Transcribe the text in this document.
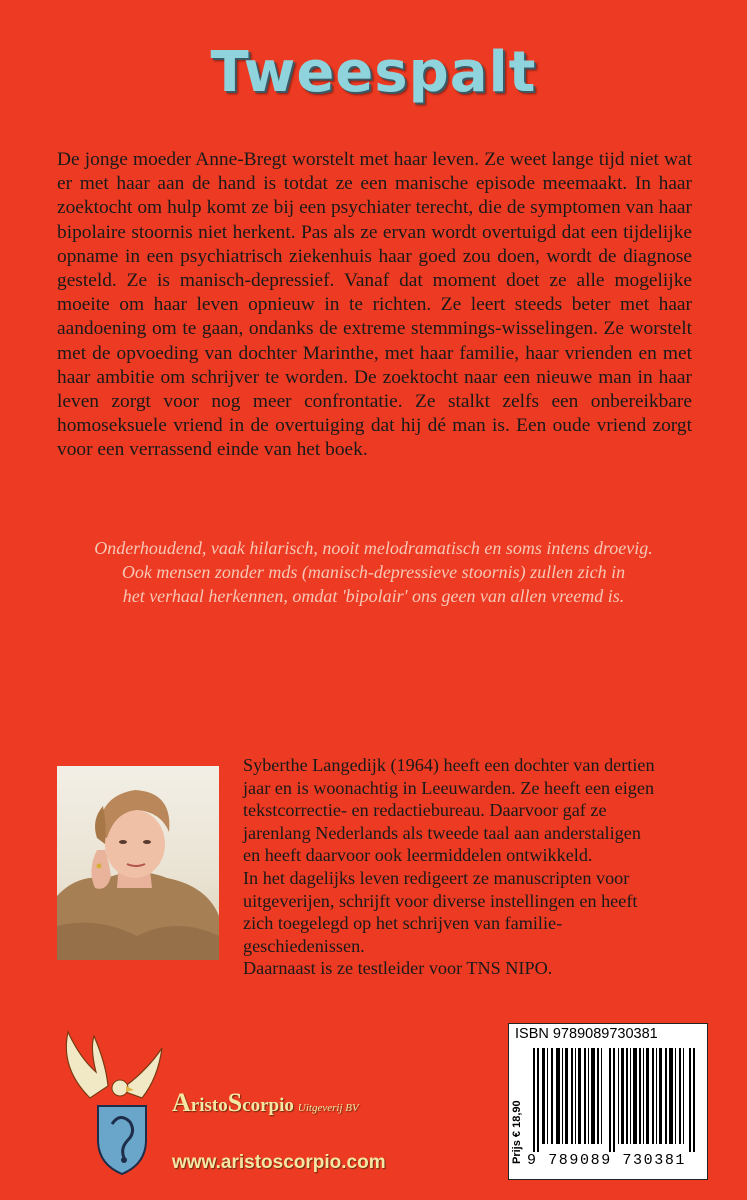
Tweespalt

De jonge moeder Anne-Bregt worstelt met haar leven. Ze weet lange tijd niet wat er met haar aan de hand is totdat ze een manische episode meemaakt. In haar zoektocht om hulp komt ze bij een psychiater terecht, die de symptomen van haar bipolaire stoornis niet herkent. Pas als ze ervan wordt overtuigd dat een tijdelijke opname in een psychiatrisch ziekenhuis haar goed zou doen, wordt de diagnose gesteld. Ze is manisch-depressief. Vanaf dat moment doet ze alle mogelijke moeite om haar leven opnieuw in te richten. Ze leert steeds beter met haar aandoening om te gaan, ondanks de extreme stemmings-wisselingen. Ze worstelt met de opvoeding van dochter Marinthe, met haar familie, haar vrienden en met haar ambitie om schrijver te worden. De zoektocht naar een nieuwe man in haar leven zorgt voor nog meer confrontatie. Ze stalkt zelfs een onbereikbare homoseksuele vriend in de overtuiging dat hij dé man is. Een oude vriend zorgt voor een verrassend einde van het boek.

Onderhoudend, vaak hilarisch, nooit melodramatisch en soms intens droevig.
Ook mensen zonder mds (manisch-depressieve stoornis) zullen zich in
het verhaal herkennen, omdat 'bipolair' ons geen van allen vreemd is.

Syberthe Langedijk (1964) heeft een dochter van dertien

jaar en is woonachtig in Leeuwarden. Ze heeft een eigen

tekstcorrectie- en redactiebureau. Daarvoor gaf ze

jarenlang Nederlands als tweede taal aan anderstaligen

en heeft daarvoor ook leermiddelen ontwikkeld.

In het dagelijks leven redigeert ze manuscripten voor

uitgeverijen, schrijft voor diverse instellingen en heeft

zich toegelegd op het schrijven van familie-

geschiedenissen.

Daarnaast is ze testleider voor TNS NIPO.

AristoScorpio Uitgeverij BV
www.aristoscorpio.com
ISBN 9789089730381
Prijs € 18,90 9 789089 730381
